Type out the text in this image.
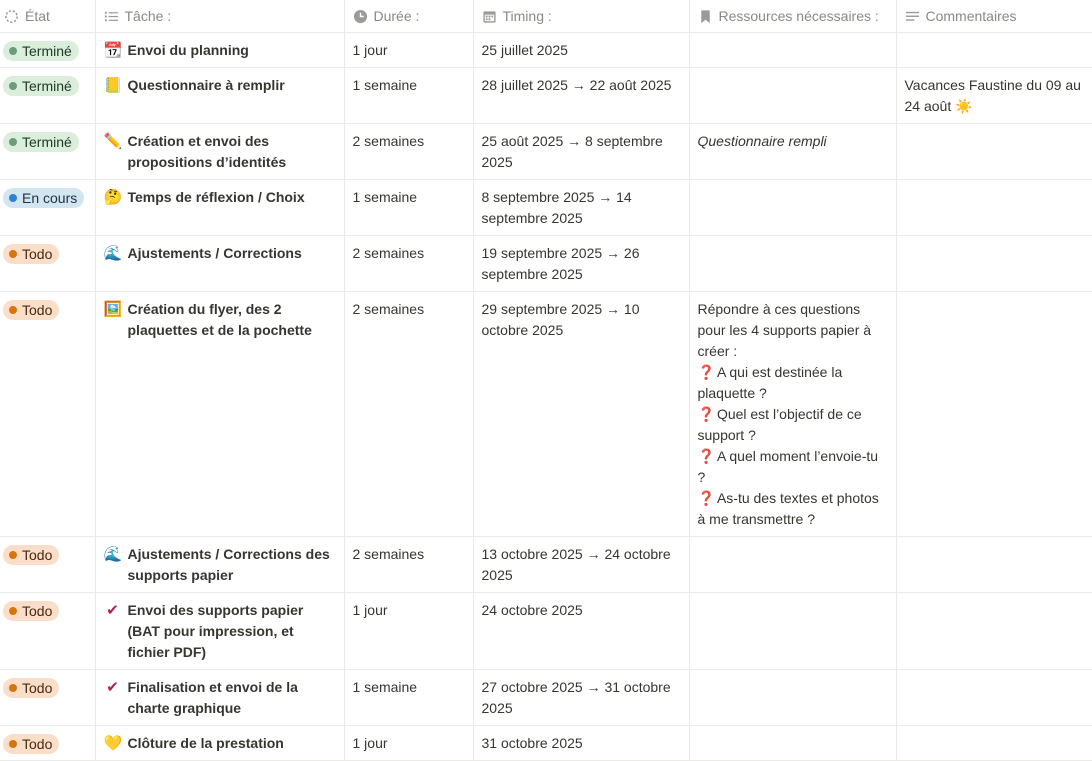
État	Tâche :	Durée :	Timing :	Ressources nécessaires :	Commentaires

Terminé	📆 Envoi du planning	1 jour	25 juillet 2025		

Terminé	📒 Questionnaire à remplir	1 semaine	28 juillet 2025 → 22 août 2025		Vacances Faustine du 09 au 24 août ☀️

Terminé	✏️ Création et envoi des propositions d’identités	2 semaines	25 août 2025 → 8 septembre 2025	Questionnaire rempli	

En cours	🤔 Temps de réflexion / Choix	1 semaine	8 septembre 2025 → 14 septembre 2025		

Todo	🌊 Ajustements / Corrections	2 semaines	19 septembre 2025 → 26 septembre 2025		

Todo	🖼️ Création du flyer, des 2 plaquettes et de la pochette	2 semaines	29 septembre 2025 → 10 octobre 2025	Répondre à ces questions pour les 4 supports papier à créer :
❓ A qui est destinée la plaquette ?
❓ Quel est l’objectif de ce support ?
❓ A quel moment l’envoie-tu ?
❓ As-tu des textes et photos à me transmettre ?	

Todo	🌊 Ajustements / Corrections des supports papier	2 semaines	13 octobre 2025 → 24 octobre 2025		

Todo	✔ Envoi des supports papier (BAT pour impression, et fichier PDF)	1 jour	24 octobre 2025		

Todo	✔ Finalisation et envoi de la charte graphique	1 semaine	27 octobre 2025 → 31 octobre 2025		

Todo	💛 Clôture de la prestation	1 jour	31 octobre 2025		
